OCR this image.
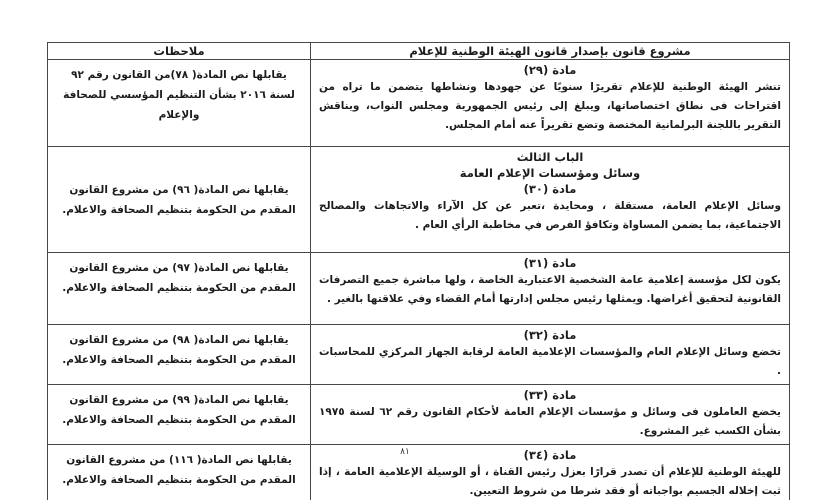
مشروع قانون بإصدار قانون الهيئة الوطنية للإعلام	ملاحظات

مادة (٢٩)
تنشر الهيئة الوطنية للإعلام تقريرًا سنويًا عن جهودها ونشاطها يتضمن ما تراه من اقتراحات فى نطاق اختصاصاتها، ويبلغ إلى رئيس الجمهورية ومجلس النواب، ويناقش التقرير باللجنة البرلمانية المختصة وتضع تقريراً عنه أمام المجلس.	يقابلها نص المادة( ٧٨)من القانون رقم ٩٢ لسنة ٢٠١٦ بشأن التنظيم المؤسسي للصحافة والإعلام

الباب الثالث
وسائل ومؤسسات الإعلام العامة
مادة (٣٠)
وسائل الإعلام العامة، مستقلة ، ومحايدة ،تعبر عن كل الآراء والاتجاهات والمصالح الاجتماعية، بما يضمن المساواة وتكافؤ الفرص في مخاطبة الرأي العام .	يقابلها نص المادة( ٩٦) من مشروع القانون المقدم من الحكومة بتنظيم الصحافة والاعلام.

مادة (٣١)
يكون لكل مؤسسة إعلامية عامة الشخصية الاعتبارية الخاصة ، ولها مباشرة جميع التصرفات القانونية لتحقيق أغراضها. ويمثلها رئيس مجلس إدارتها أمام القضاء وفي علاقتها بالغير .	يقابلها نص المادة( ٩٧) من مشروع القانون المقدم من الحكومة بتنظيم الصحافة والاعلام.

مادة (٣٢)
تخضع وسائل الإعلام العام والمؤسسات الإعلامية العامة لرقابة الجهاز المركزي للمحاسبات .	يقابلها نص المادة( ٩٨) من مشروع القانون المقدم من الحكومة بتنظيم الصحافة والاعلام.

مادة (٣٣)
يخضع العاملون فى وسائل و مؤسسات الإعلام العامة لأحكام القانون رقم ٦٢ لسنة ١٩٧٥ بشأن الكسب غير المشروع.	يقابلها نص المادة( ٩٩) من مشروع القانون المقدم من الحكومة بتنظيم الصحافة والاعلام.

مادة (٣٤)
للهيئة الوطنية للإعلام أن تصدر قرارًا بعزل رئيس القناة ، أو الوسيلة الإعلامية العامة ، إذا ثبت إخلاله الجسيم بواجباته أو فقد شرطا من شروط التعيين.	يقابلها نص المادة( ١١٦) من مشروع القانون المقدم من الحكومة بتنظيم الصحافة والاعلام.
٨١
